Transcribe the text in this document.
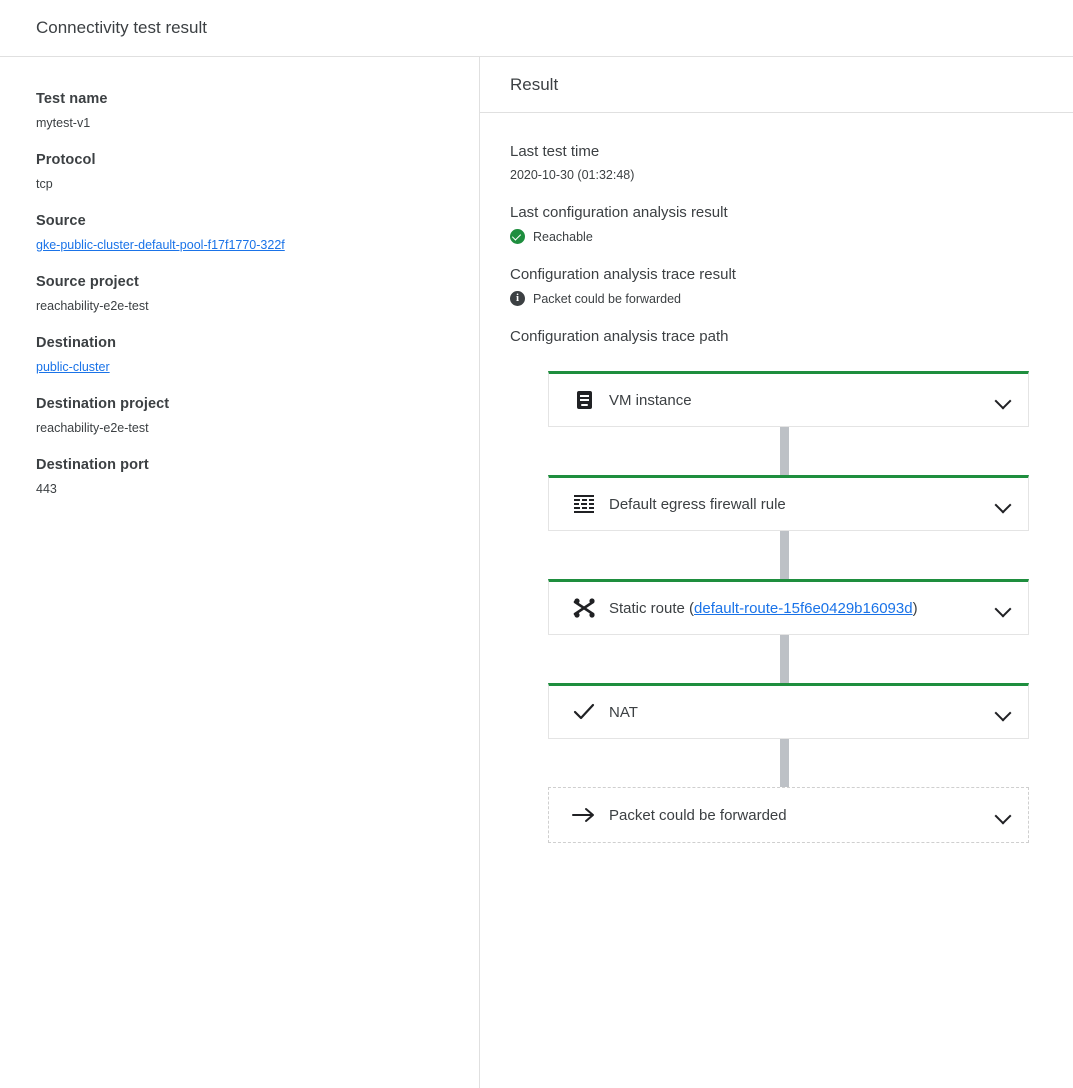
Connectivity test result
Test name
mytest-v1
Protocol
tcp
Source
gke-public-cluster-default-pool-f17f1770-322f
Source project
reachability-e2e-test
Destination
public-cluster
Destination project
reachability-e2e-test
Destination port
443
Result
Last test time
2020-10-30 (01:32:48)
Last configuration analysis result
Reachable
Configuration analysis trace result
i	Packet could be forwarded
Configuration analysis trace path
VM instance
Default egress firewall rule
Static route (default-route-15f6e0429b16093d)
NAT
Packet could be forwarded
